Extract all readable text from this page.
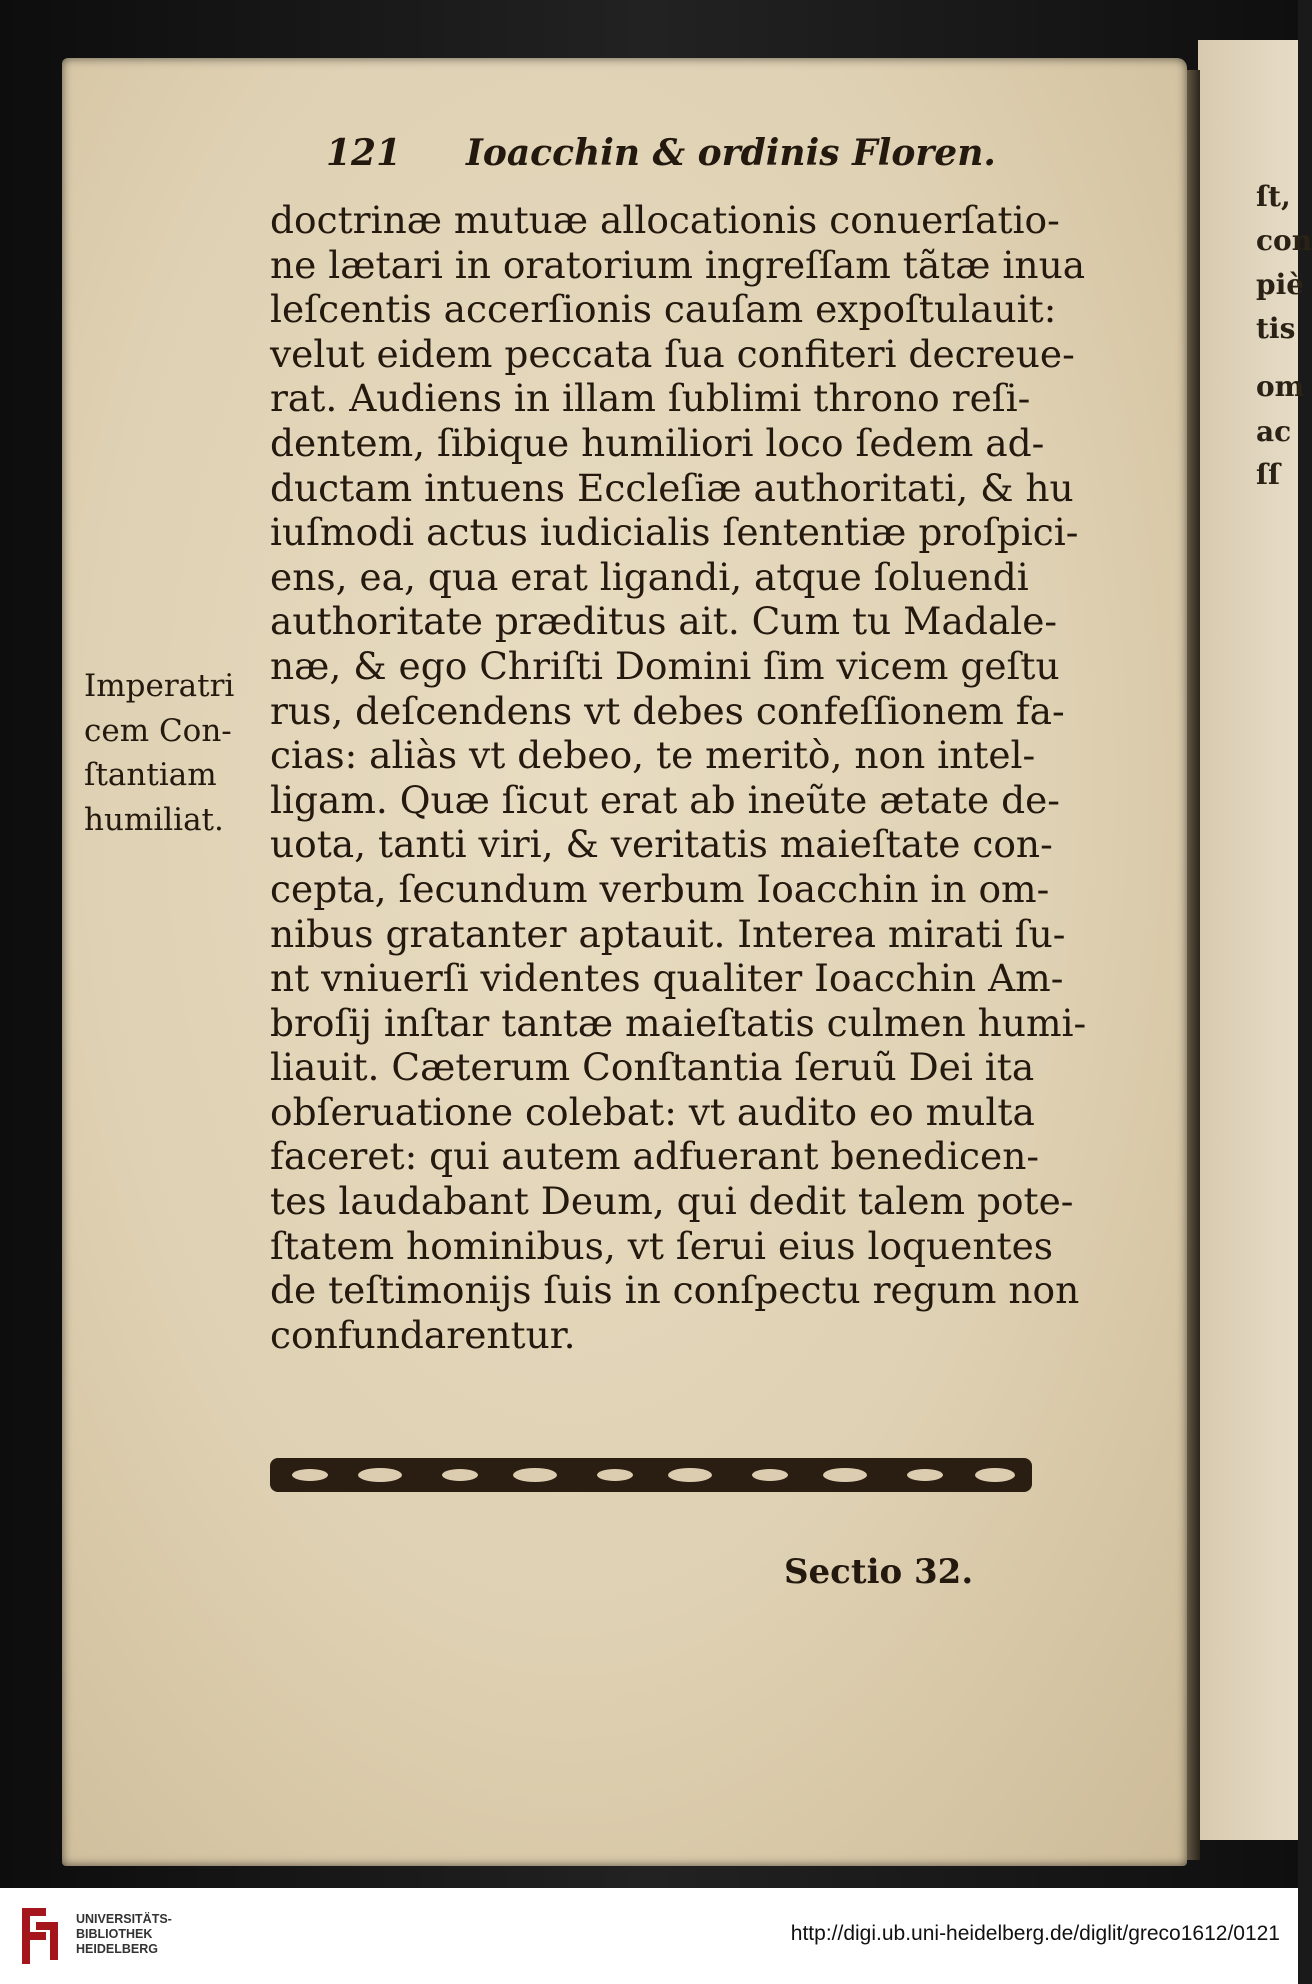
ſt,
con
piè
tis
om
ac
ſſ
121 Ioacchin & ordinis Floren.
doctrinæ mutuæ allocationis conuerſatio-
ne lætari in oratorium ingreſſam tãtæ inua
leſcentis accerſionis cauſam expoſtulauit:
velut eidem peccata ſua confiteri decreue-
rat. Audiens in illam ſublimi throno reſi-
dentem, ſibique humiliori loco ſedem ad-
ductam intuens Eccleſiæ authoritati, & hu
iuſmodi actus iudicialis ſententiæ proſpici-
ens, ea, qua erat ligandi, atque ſoluendi
authoritate præditus ait. Cum tu Madale-
næ, & ego Chriſti Domini ſim vicem geſtu
rus, deſcendens vt debes confeſſionem fa-
cias: aliàs vt debeo, te meritò, non intel-
ligam. Quæ ſicut erat ab ineũte ætate de-
uota, tanti viri, & veritatis maieſtate con-
cepta, ſecundum verbum Ioacchin in om-
nibus gratanter aptauit. Interea mirati ſu-
nt vniuerſi videntes qualiter Ioacchin Am-
broſij inſtar tantæ maieſtatis culmen humi-
liauit. Cæterum Conſtantia ſeruũ Dei ita
obſeruatione colebat: vt audito eo multa
faceret: qui autem adfuerant benedicen-
tes laudabant Deum, qui dedit talem pote-
ſtatem hominibus, vt ſerui eius loquentes
de teſtimonijs ſuis in conſpectu regum non
confundarentur.
Imperatri
cem Con-
ſtantiam
humiliat.
Sectio 32.
UNIVERSITÄTS-
BIBLIOTHEK
HEIDELBERG
http://digi.ub.uni-heidelberg.de/diglit/greco1612/0121
